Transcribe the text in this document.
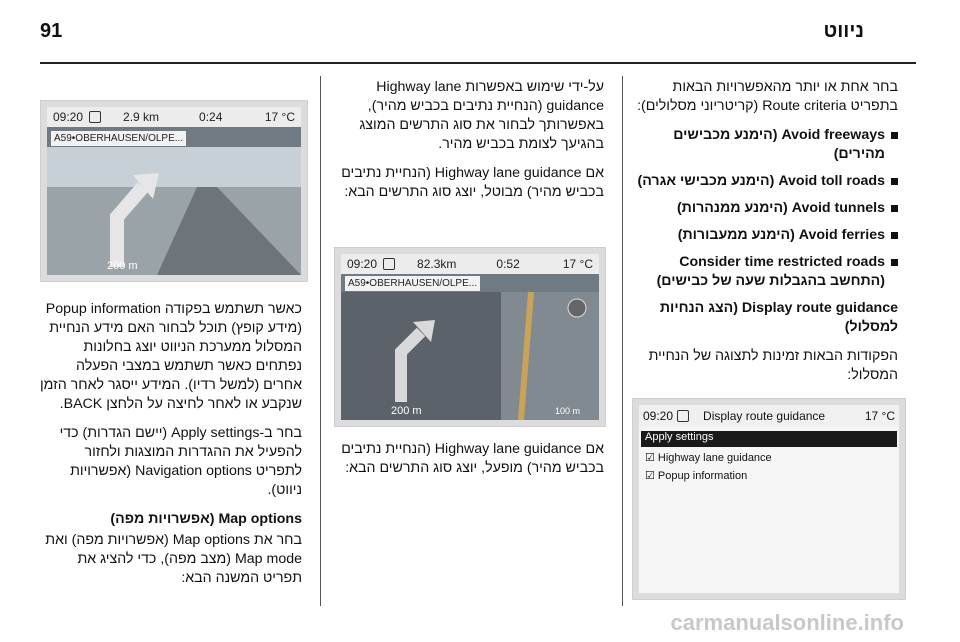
91	ניווט

בחר אחת או יותר מהאפשרויות הבאות בתפריט Route criteria (קריטריוני מסלולים):

Avoid freeways (הימנע מכבישים מהירים)
Avoid toll roads (הימנע מכבישי אגרה)
Avoid tunnels (הימנע ממנהרות)
Avoid ferries (הימנע ממעבורות)
Consider time restricted roads (התחשב בהגבלות שעה של כבישים)

Display route guidance (הצג הנחיות למסלול)

הפקודות הבאות זמינות לתצוגה של הנחיית המסלול:

09:20	Display route guidance	17 °C
Apply settings
☑ Highway lane guidance
☑ Popup information

על-ידי שימוש באפשרות Highway lane guidance (הנחיית נתיבים בכביש מהיר), באפשרותך לבחור את סוג התרשים המוצג בהגיעך לצומת בכביש מהיר.

אם Highway lane guidance (הנחיית נתיבים בכביש מהיר) מבוטל, יוצג סוג התרשים הבא:

09:20	82.3km	0:52	17 °C
A59•OBERHAUSEN/OLPE...
200 m	100 m

אם Highway lane guidance (הנחיית נתיבים בכביש מהיר) מופעל, יוצג סוג התרשים הבא:

09:20	2.9 km	0:24	17 °C
A59•OBERHAUSEN/OLPE...
200 m

כאשר תשתמש בפקודה Popup information (מידע קופץ) תוכל לבחור האם מידע הנחיית המסלול ממערכת הניווט יוצג בחלונות נפתחים כאשר תשתמש במצבי הפעלה אחרים (למשל רדיו). המידע ייסגר לאחר הזמן שנקבע או לאחר לחיצה על הלחצן BACK.

בחר ב-Apply settings (יישם הגדרות) כדי להפעיל את ההגדרות המוצגות ולחזור לתפריט Navigation options (אפשרויות ניווט).

Map options (אפשרויות מפה)

בחר את Map options (אפשרויות מפה) ואת Map mode (מצב מפה), כדי להציג את תפריט המשנה הבא:

carmanualsonline.info
